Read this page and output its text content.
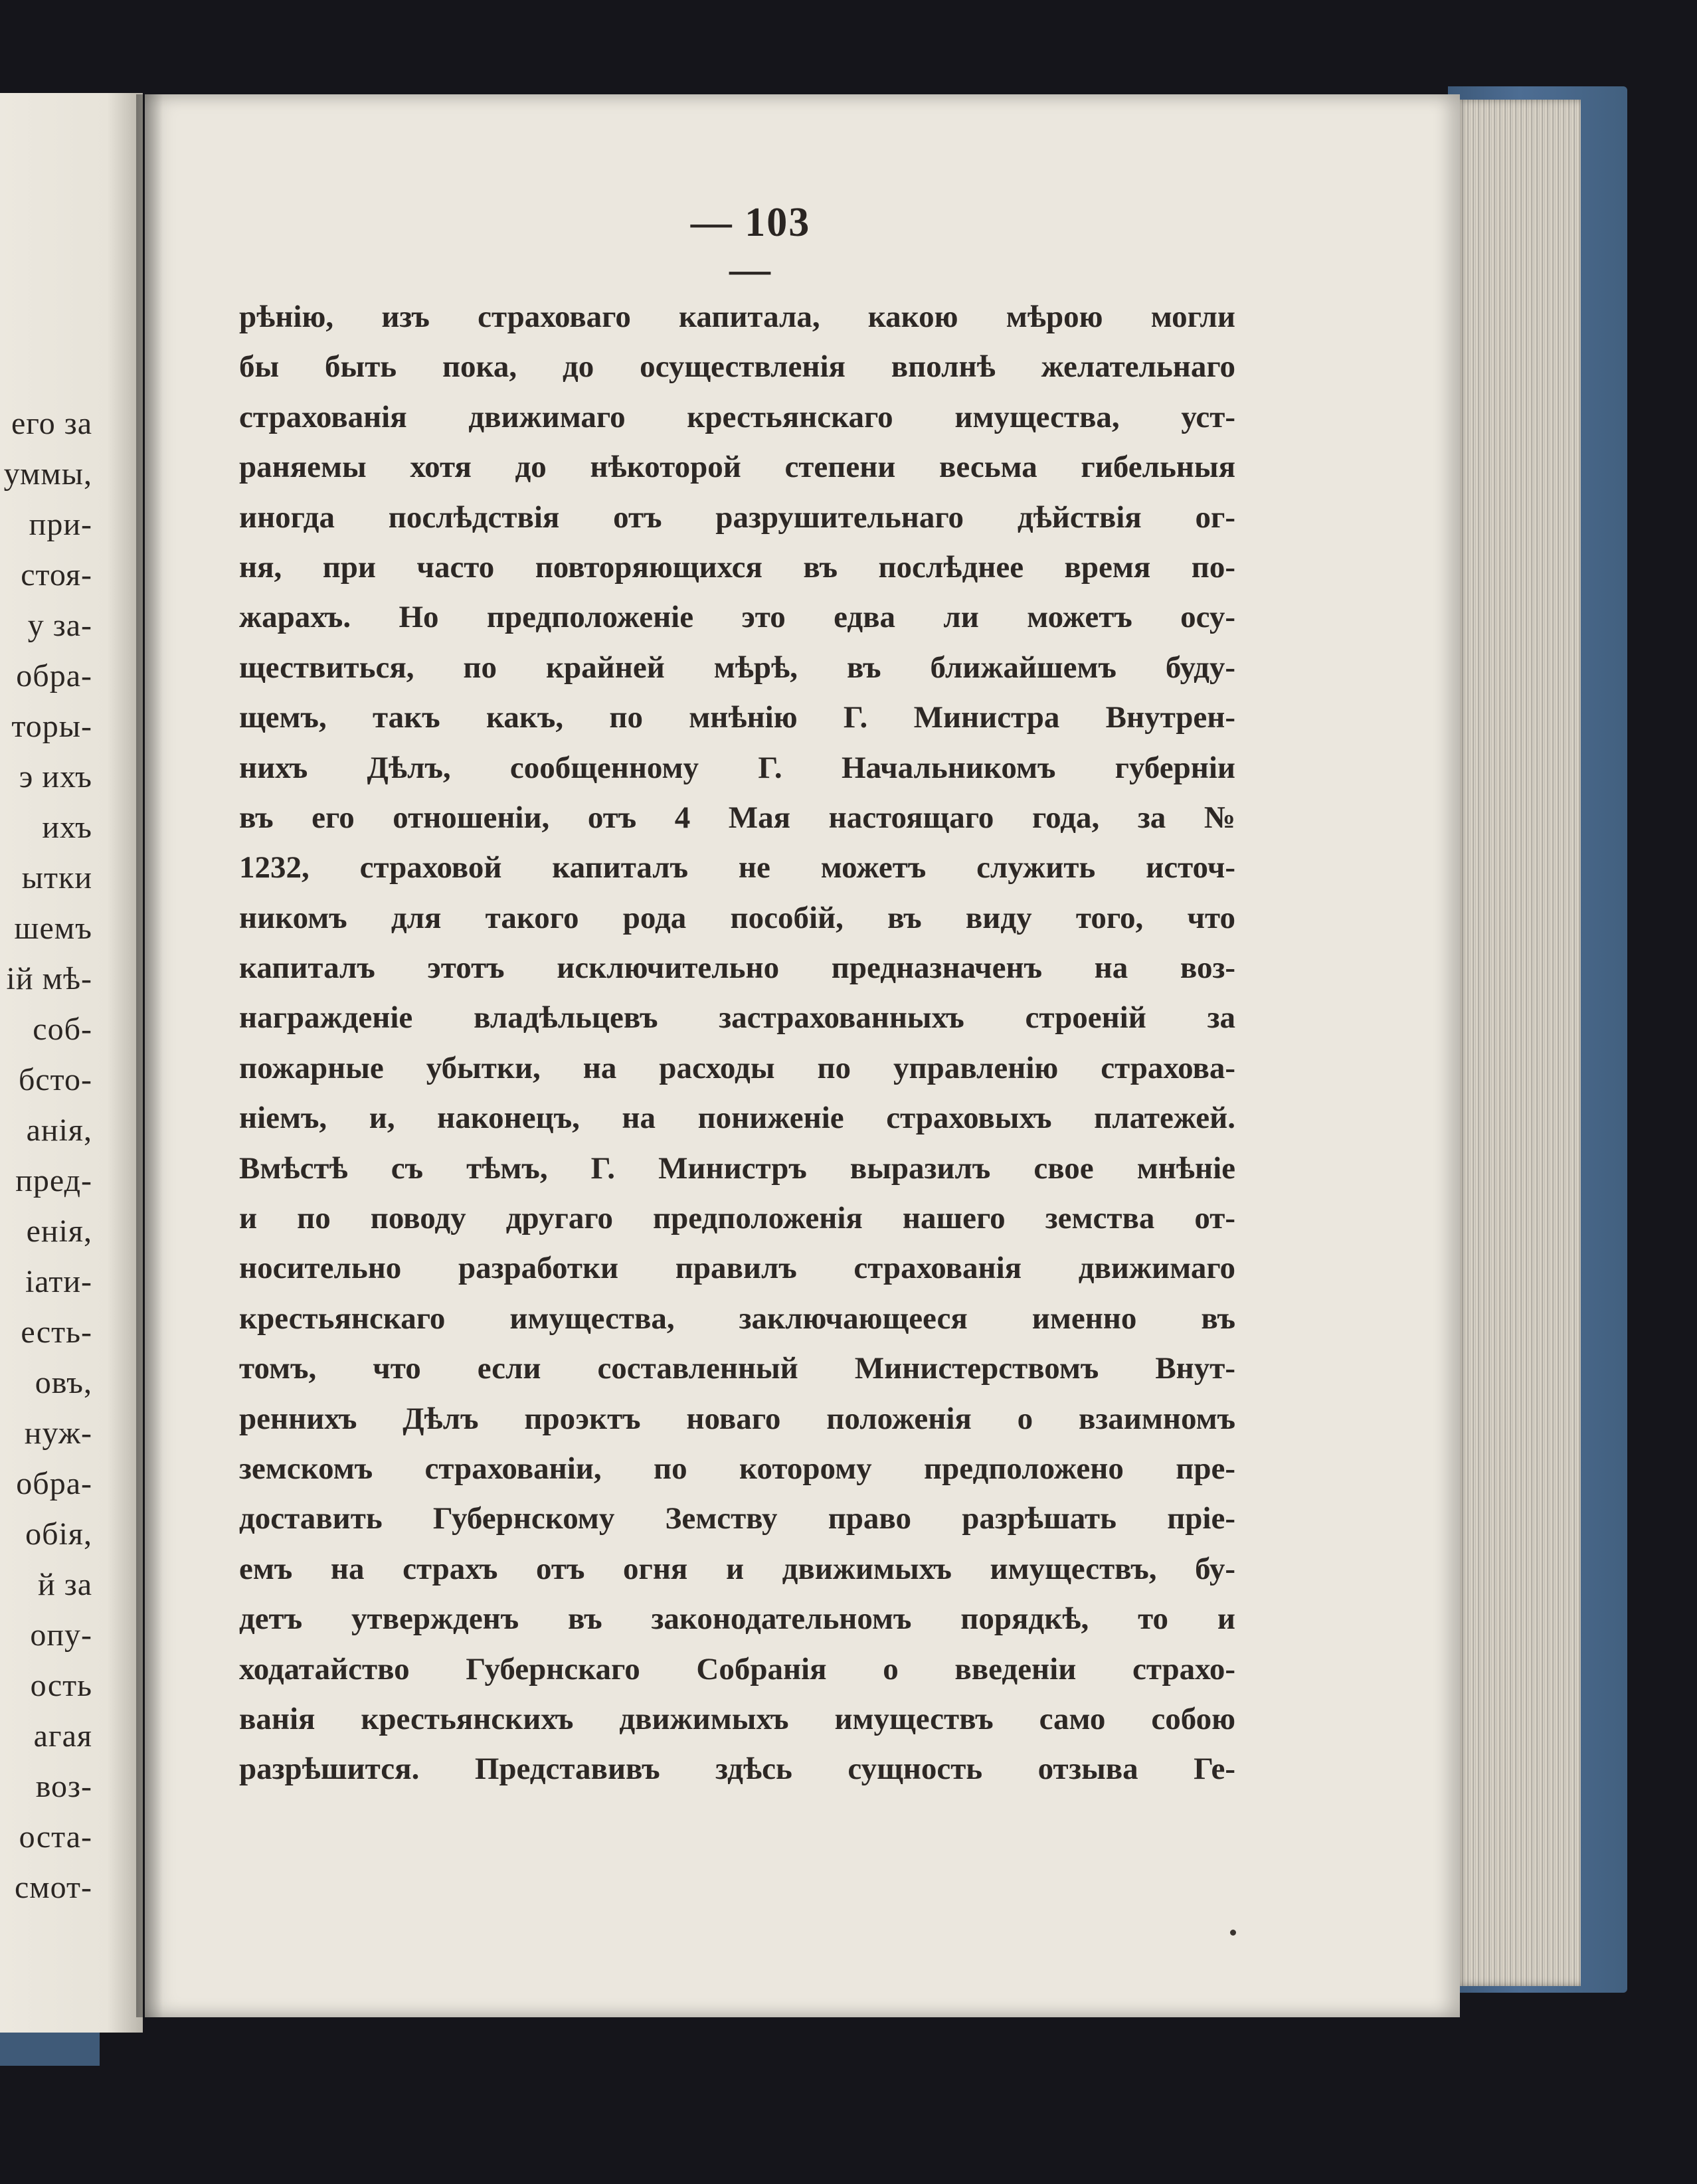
его за
уммы,
при-
стоя-
у за-
обра-
торы-
э ихъ
ихъ
ытки
шемъ
ій мѣ-
соб-
бсто-
анія,
пред-
енія,
іати-
есть-
овъ,
нуж-
обра-
обія,
й за
опу-
ость
агая
воз-
оста-
смот-
— 103 —
рѣнію, изъ страховаго капитала, какою мѣрою могли
бы быть пока, до осуществленія вполнѣ желательнаго
страхованія движимаго крестьянскаго имущества, уст-
раняемы хотя до нѣкоторой степени весьма гибельныя
иногда послѣдствія отъ разрушительнаго дѣйствія ог-
ня, при часто повторяющихся въ послѣднее время по-
жарахъ. Но предположеніе это едва ли можетъ осу-
ществиться, по крайней мѣрѣ, въ ближайшемъ буду-
щемъ, такъ какъ, по мнѣнію Г. Министра Внутрен-
нихъ Дѣлъ, сообщенному Г. Начальникомъ губерніи
въ его отношеніи, отъ 4 Мая настоящаго года, за №
1232, страховой капиталъ не можетъ служить источ-
никомъ для такого рода пособій, въ виду того, что
капиталъ этотъ исключительно предназначенъ на воз-
награжденіе владѣльцевъ застрахованныхъ строеній за
пожарные убытки, на расходы по управленію страхова-
ніемъ, и, наконецъ, на пониженіе страховыхъ платежей.
Вмѣстѣ съ тѣмъ, Г. Министръ выразилъ свое мнѣніе
и по поводу другаго предположенія нашего земства от-
носительно разработки правилъ страхованія движимаго
крестьянскаго имущества, заключающееся именно въ
томъ, что если составленный Министерствомъ Внут-
реннихъ Дѣлъ проэктъ новаго положенія о взаимномъ
земскомъ страхованіи, по которому предположено пре-
доставить Губернскому Земству право разрѣшать пріе-
емъ на страхъ отъ огня и движимыхъ имуществъ, бу-
детъ утвержденъ въ законодательномъ порядкѣ, то и
ходатайство Губернскаго Собранія о введеніи страхо-
ванія крестьянскихъ движимыхъ имуществъ само собою
разрѣшится. Представивъ здѣсь сущность отзыва Ге-
